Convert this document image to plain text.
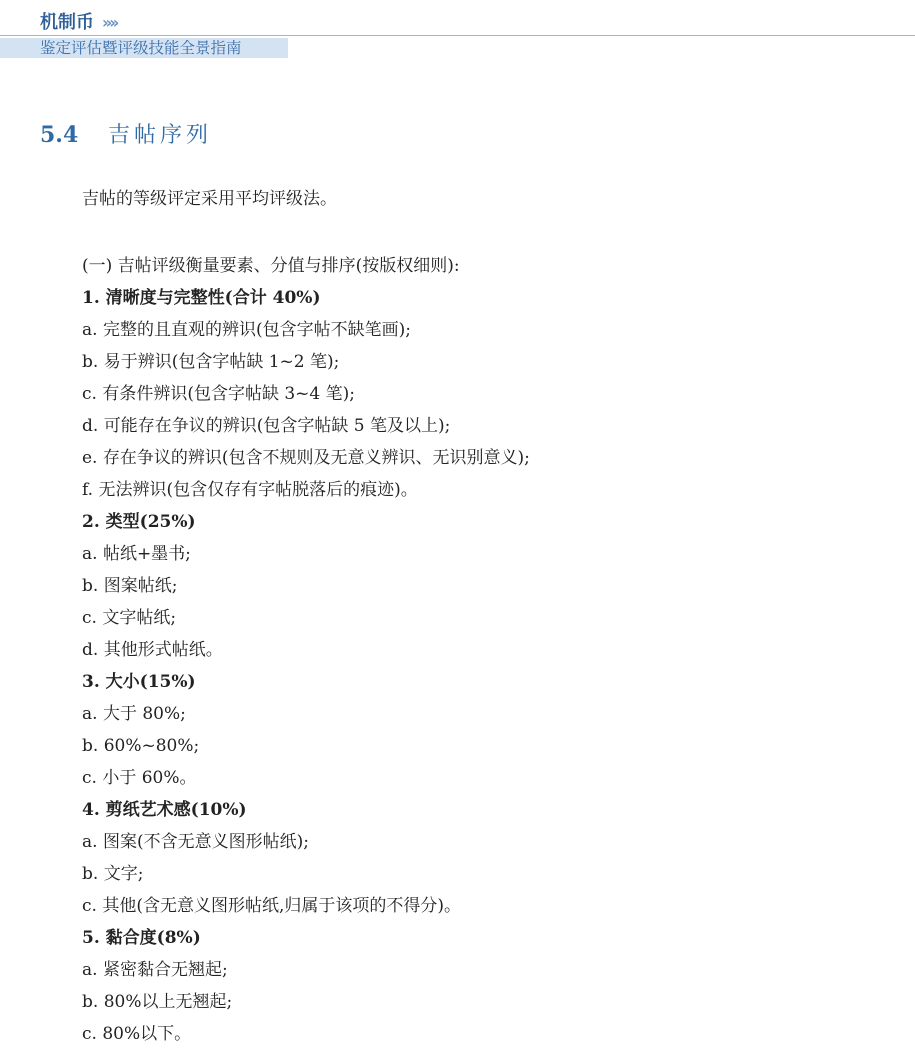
机制币 ››››
鉴定评估暨评级技能全景指南
5.4 吉帖序列
吉帖的等级评定采用平均评级法。
(一) 吉帖评级衡量要素、分值与排序(按版权细则):
1. 清晰度与完整性(合计 40%)
a. 完整的且直观的辨识(包含字帖不缺笔画);
b. 易于辨识(包含字帖缺 1~2 笔);
c. 有条件辨识(包含字帖缺 3~4 笔);
d. 可能存在争议的辨识(包含字帖缺 5 笔及以上);
e. 存在争议的辨识(包含不规则及无意义辨识、无识别意义);
f. 无法辨识(包含仅存有字帖脱落后的痕迹)。
2. 类型(25%)
a. 帖纸+墨书;
b. 图案帖纸;
c. 文字帖纸;
d. 其他形式帖纸。
3. 大小(15%)
a. 大于 80%;
b. 60%~80%;
c. 小于 60%。
4. 剪纸艺术感(10%)
a. 图案(不含无意义图形帖纸);
b. 文字;
c. 其他(含无意义图形帖纸,归属于该项的不得分)。
5. 黏合度(8%)
a. 紧密黏合无翘起;
b. 80%以上无翘起;
c. 80%以下。
